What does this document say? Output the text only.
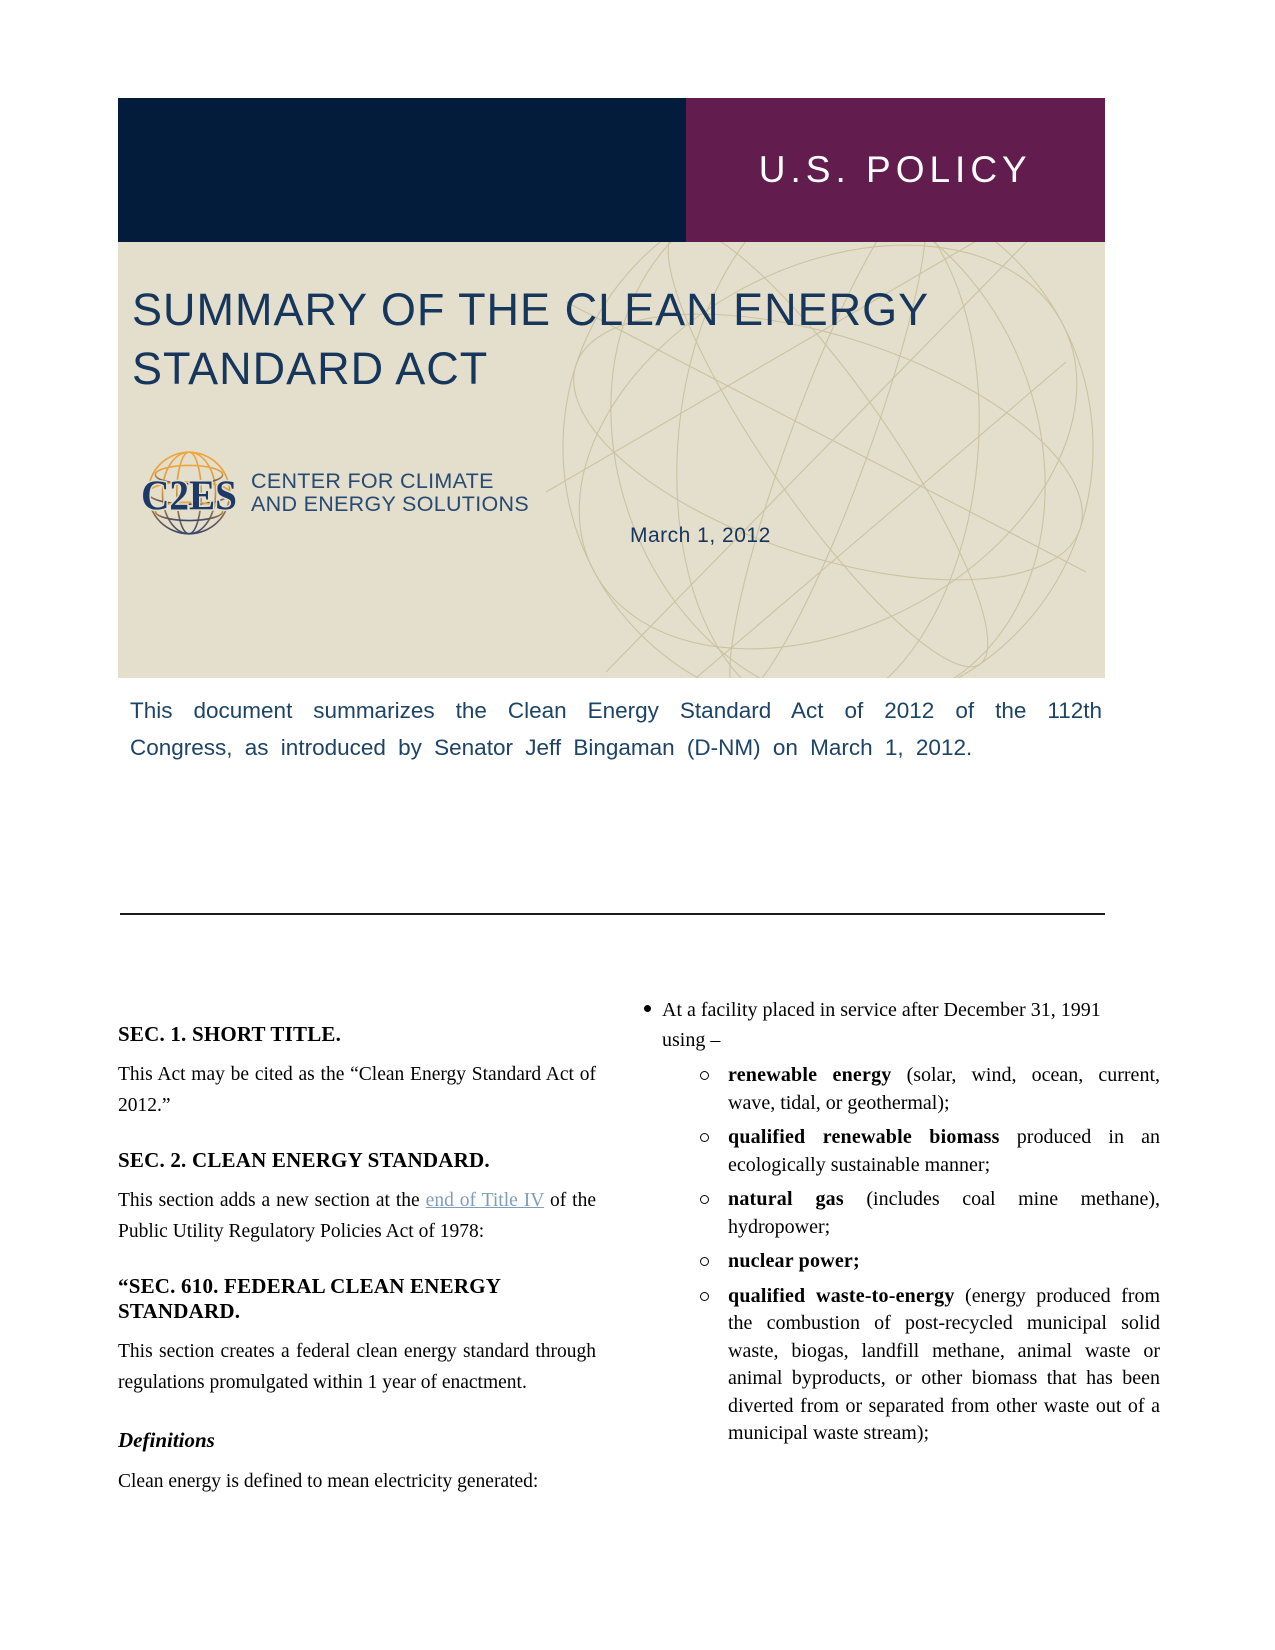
U.S. POLICY
SUMMARY OF THE CLEAN ENERGY
STANDARD ACT
C2ES CENTER FOR CLIMATE
AND ENERGY SOLUTIONS
March 1, 2012

This document summarizes the Clean Energy Standard Act of 2012 of the 112th Congress, as introduced by Senator Jeff Bingaman (D-NM) on March 1, 2012.

SEC. 1. SHORT TITLE.

This Act may be cited as the “Clean Energy Standard Act of 2012.”

SEC. 2. CLEAN ENERGY STANDARD.

This section adds a new section at the end of Title IV of the Public Utility Regulatory Policies Act of 1978:

“SEC. 610. FEDERAL CLEAN ENERGY STANDARD.

This section creates a federal clean energy standard through regulations promulgated within 1 year of enactment.

Definitions

Clean energy is defined to mean electricity generated:

At a facility placed in service after December 31, 1991 using –
renewable energy (solar, wind, ocean, current, wave, tidal, or geothermal);
qualified renewable biomass produced in an ecologically sustainable manner;
natural gas (includes coal mine methane), hydropower;
nuclear power;
qualified waste-to-energy (energy produced from the combustion of post-recycled municipal solid waste, biogas, landfill methane, animal waste or animal byproducts, or other biomass that has been diverted from or separated from other waste out of a municipal waste stream);
